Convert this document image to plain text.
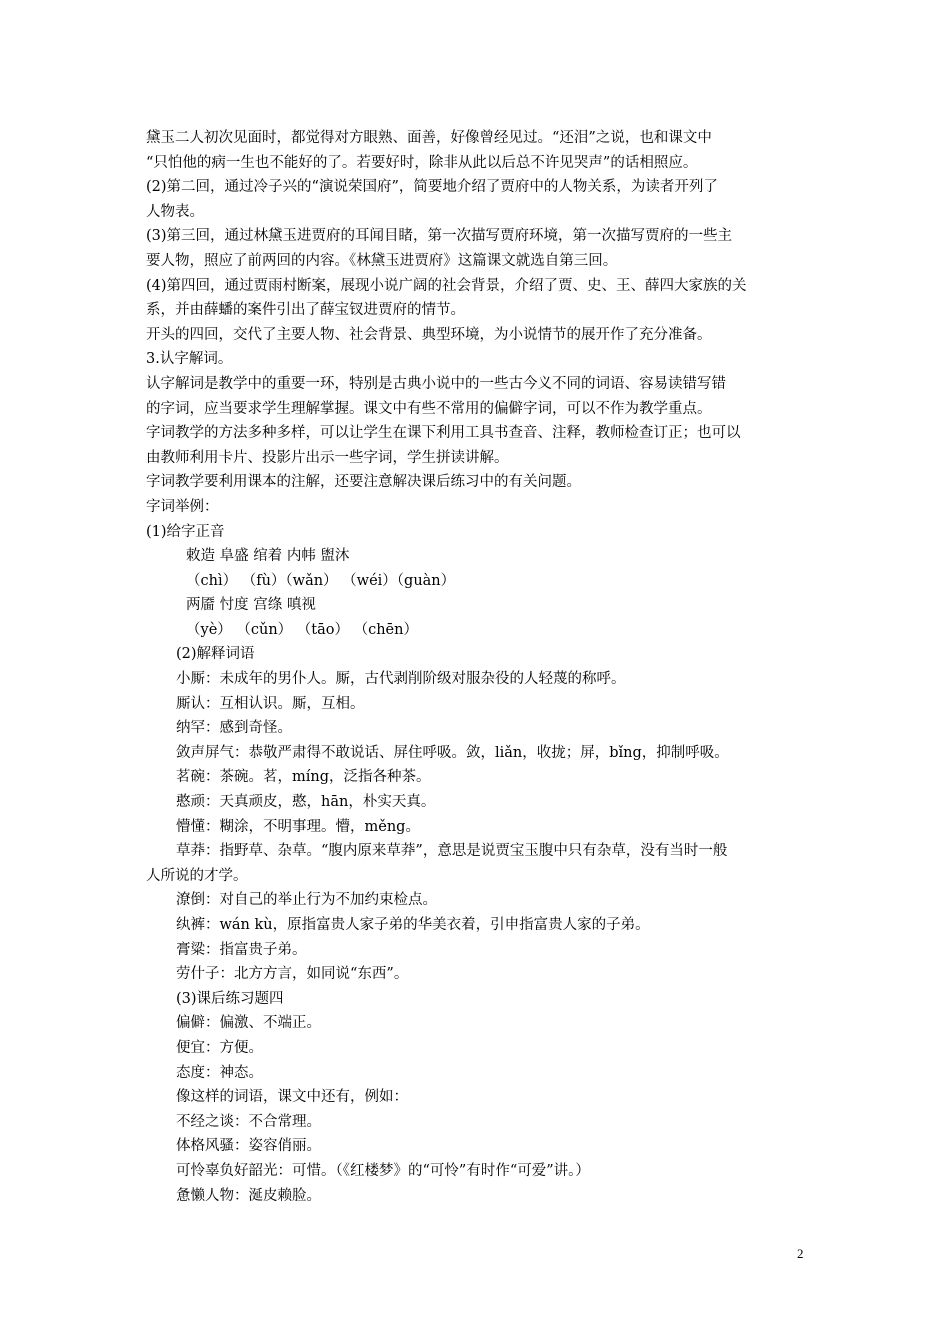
黛玉二人初次见面时，都觉得对方眼熟、面善，好像曾经见过。“还泪”之说，也和课文中
“只怕他的病一生也不能好的了。若要好时，除非从此以后总不许见哭声”的话相照应。
(2)第二回，通过冷子兴的“演说荣国府”，简要地介绍了贾府中的人物关系，为读者开列了
人物表。
(3)第三回，通过林黛玉进贾府的耳闻目睹，第一次描写贾府环境，第一次描写贾府的一些主
要人物，照应了前两回的内容。《林黛玉进贾府》这篇课文就选自第三回。
(4)第四回，通过贾雨村断案，展现小说广阔的社会背景，介绍了贾、史、王、薛四大家族的关
系，并由薛蟠的案件引出了薛宝钗进贾府的情节。
开头的四回，交代了主要人物、社会背景、典型环境，为小说情节的展开作了充分准备。
3.认字解词。
认字解词是教学中的重要一环，特别是古典小说中的一些古今义不同的词语、容易读错写错
的字词，应当要求学生理解掌握。课文中有些不常用的偏僻字词，可以不作为教学重点。
字词教学的方法多种多样，可以让学生在课下利用工具书查音、注释，教师检查订正；也可以
由教师利用卡片、投影片出示一些字词，学生拼读讲解。
字词教学要利用课本的注解，还要注意解决课后练习中的有关问题。
字词举例：
(1)给字正音
敕造 阜盛 绾着 内帏 盥沐
（chì） （fù）（wǎn） （wéi）（guàn）
两靥 忖度 宫绦 嗔视
（yè） （cǔn） （tāo） （chēn）
(2)解释词语
小厮：未成年的男仆人。厮，古代剥削阶级对服杂役的人轻蔑的称呼。
厮认：互相认识。厮，互相。
纳罕：感到奇怪。
敛声屏气：恭敬严肃得不敢说话、屏住呼吸。敛，liǎn，收拢；屏，bǐng，抑制呼吸。
茗碗：茶碗。茗，míng，泛指各种茶。
憨顽：天真顽皮，憨，hān，朴实天真。
懵懂：糊涂，不明事理。懵，měng。
草莽：指野草、杂草。“腹内原来草莽”，意思是说贾宝玉腹中只有杂草，没有当时一般
人所说的才学。
潦倒：对自己的举止行为不加约束检点。
纨裤：wán kù，原指富贵人家子弟的华美衣着，引申指富贵人家的子弟。
膏粱：指富贵子弟。
劳什子：北方方言，如同说“东西”。
(3)课后练习题四
偏僻：偏激、不端正。
便宜：方便。
态度：神态。
像这样的词语，课文中还有，例如：
不经之谈：不合常理。
体格风骚：姿容俏丽。
可怜辜负好韶光：可惜。（《红楼梦》的“可怜”有时作“可爱”讲。）
惫懒人物：涎皮赖脸。
2
